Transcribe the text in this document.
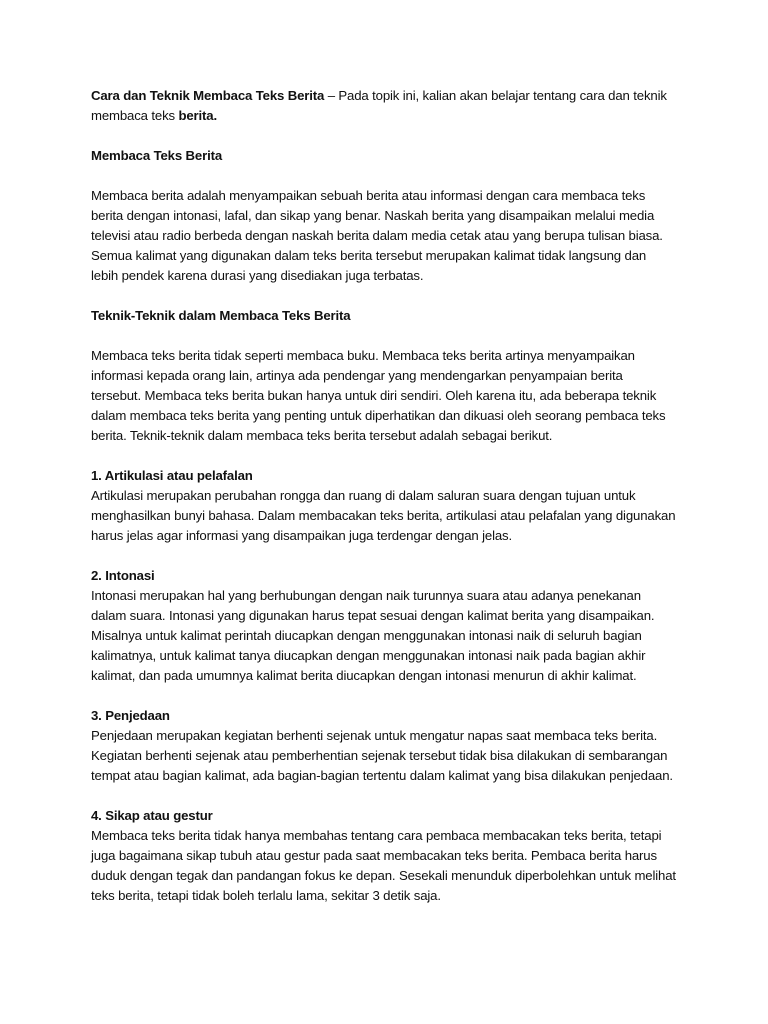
Cara dan Teknik Membaca Teks Berita – Pada topik ini, kalian akan belajar tentang cara dan teknik membaca teks berita.

Membaca Teks Berita

Membaca berita adalah menyampaikan sebuah berita atau informasi dengan cara membaca teks berita dengan intonasi, lafal, dan sikap yang benar. Naskah berita yang disampaikan melalui media televisi atau radio berbeda dengan naskah berita dalam media cetak atau yang berupa tulisan biasa. Semua kalimat yang digunakan dalam teks berita tersebut merupakan kalimat tidak langsung dan lebih pendek karena durasi yang disediakan juga terbatas.

Teknik-Teknik dalam Membaca Teks Berita

Membaca teks berita tidak seperti membaca buku. Membaca teks berita artinya menyampaikan informasi kepada orang lain, artinya ada pendengar yang mendengarkan penyampaian berita tersebut. Membaca teks berita bukan hanya untuk diri sendiri. Oleh karena itu, ada beberapa teknik dalam membaca teks berita yang penting untuk diperhatikan dan dikuasi oleh seorang pembaca teks berita. Teknik-teknik dalam membaca teks berita tersebut adalah sebagai berikut.

1. Artikulasi atau pelafalan

Artikulasi merupakan perubahan rongga dan ruang di dalam saluran suara dengan tujuan untuk menghasilkan bunyi bahasa. Dalam membacakan teks berita, artikulasi atau pelafalan yang digunakan harus jelas agar informasi yang disampaikan juga terdengar dengan jelas.

2. Intonasi

Intonasi merupakan hal yang berhubungan dengan naik turunnya suara atau adanya penekanan dalam suara. Intonasi yang digunakan harus tepat sesuai dengan kalimat berita yang disampaikan. Misalnya untuk kalimat perintah diucapkan dengan menggunakan intonasi naik di seluruh bagian kalimatnya, untuk kalimat tanya diucapkan dengan menggunakan intonasi naik pada bagian akhir kalimat, dan pada umumnya kalimat berita diucapkan dengan intonasi menurun di akhir kalimat.

3. Penjedaan

Penjedaan merupakan kegiatan berhenti sejenak untuk mengatur napas saat membaca teks berita. Kegiatan berhenti sejenak atau pemberhentian sejenak tersebut tidak bisa dilakukan di sembarangan tempat atau bagian kalimat, ada bagian-bagian tertentu dalam kalimat yang bisa dilakukan penjedaan.

4. Sikap atau gestur

Membaca teks berita tidak hanya membahas tentang cara pembaca membacakan teks berita, tetapi juga bagaimana sikap tubuh atau gestur pada saat membacakan teks berita. Pembaca berita harus duduk dengan tegak dan pandangan fokus ke depan. Sesekali menunduk diperbolehkan untuk melihat teks berita, tetapi tidak boleh terlalu lama, sekitar 3 detik saja.
